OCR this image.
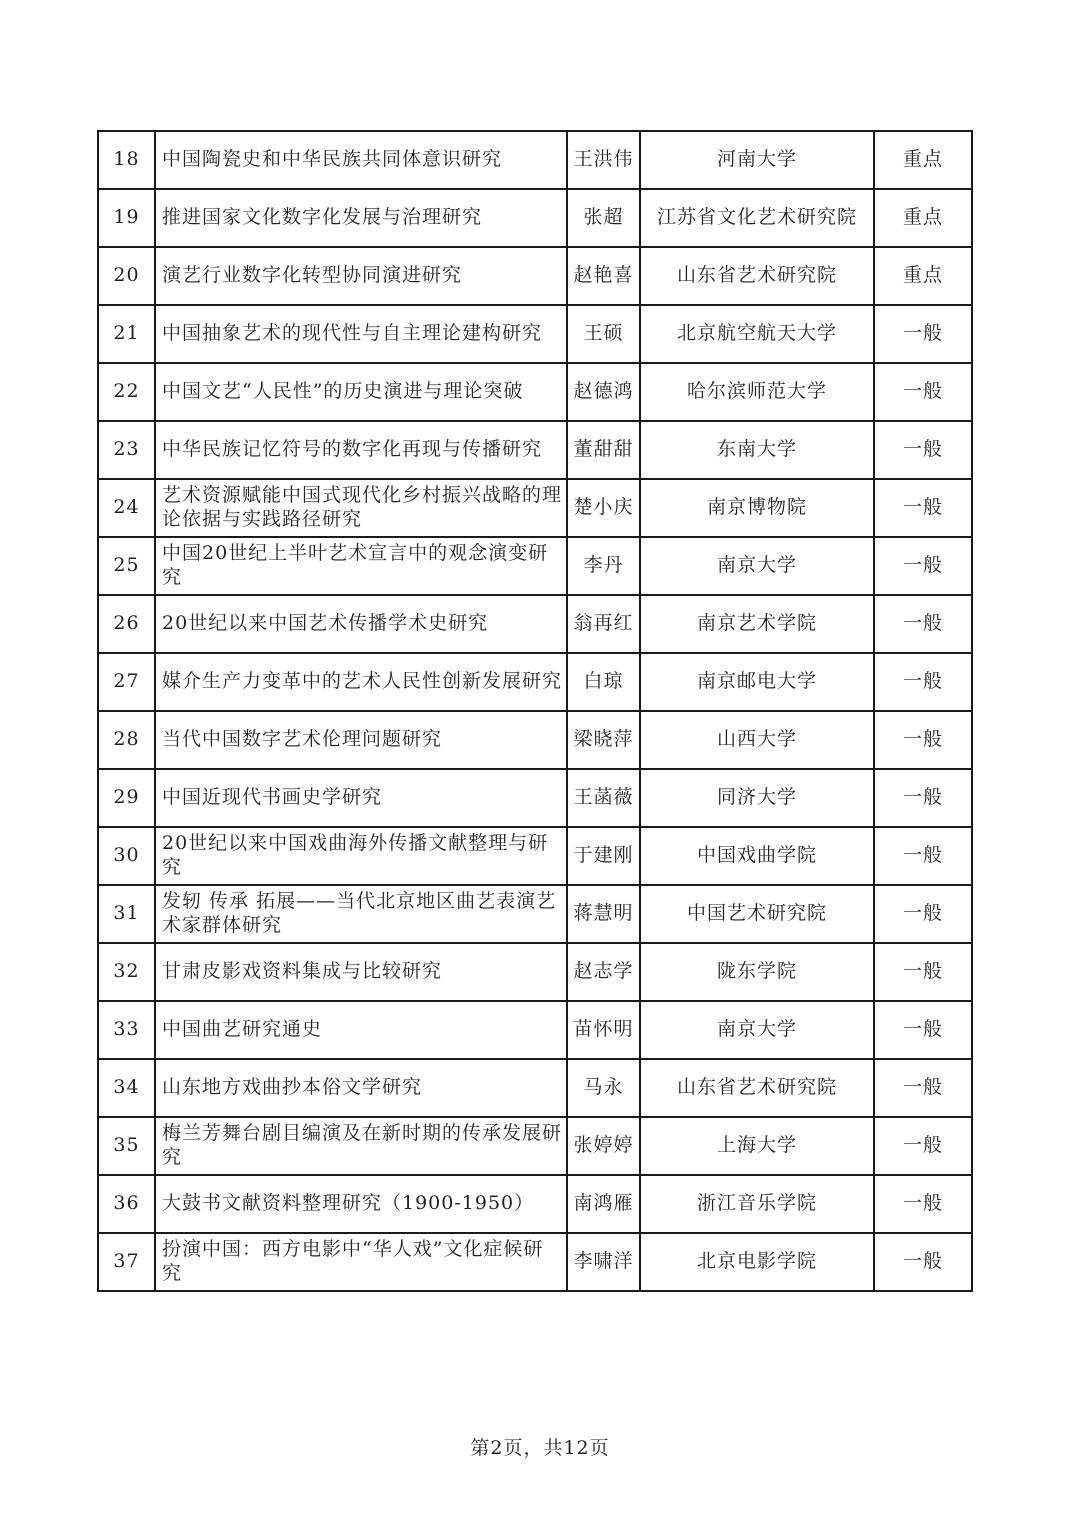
18	中国陶瓷史和中华民族共同体意识研究	王洪伟	河南大学	重点
19	推进国家文化数字化发展与治理研究	张超	江苏省文化艺术研究院	重点
20	演艺行业数字化转型协同演进研究	赵艳喜	山东省艺术研究院	重点
21	中国抽象艺术的现代性与自主理论建构研究	王硕	北京航空航天大学	一般
22	中国文艺“人民性”的历史演进与理论突破	赵德鸿	哈尔滨师范大学	一般
23	中华民族记忆符号的数字化再现与传播研究	董甜甜	东南大学	一般
24	艺术资源赋能中国式现代化乡村振兴战略的理论依据与实践路径研究	楚小庆	南京博物院	一般
25	中国20世纪上半叶艺术宣言中的观念演变研究	李丹	南京大学	一般
26	20世纪以来中国艺术传播学术史研究	翁再红	南京艺术学院	一般
27	媒介生产力变革中的艺术人民性创新发展研究	白琼	南京邮电大学	一般
28	当代中国数字艺术伦理问题研究	梁晓萍	山西大学	一般
29	中国近现代书画史学研究	王菡薇	同济大学	一般
30	20世纪以来中国戏曲海外传播文献整理与研究	于建刚	中国戏曲学院	一般
31	发轫 传承 拓展——当代北京地区曲艺表演艺术家群体研究	蒋慧明	中国艺术研究院	一般
32	甘肃皮影戏资料集成与比较研究	赵志学	陇东学院	一般
33	中国曲艺研究通史	苗怀明	南京大学	一般
34	山东地方戏曲抄本俗文学研究	马永	山东省艺术研究院	一般
35	梅兰芳舞台剧目编演及在新时期的传承发展研究	张婷婷	上海大学	一般
36	大鼓书文献资料整理研究（1900-1950）	南鸿雁	浙江音乐学院	一般
37	扮演中国：西方电影中“华人戏”文化症候研究	李啸洋	北京电影学院	一般
第2页，共12页
